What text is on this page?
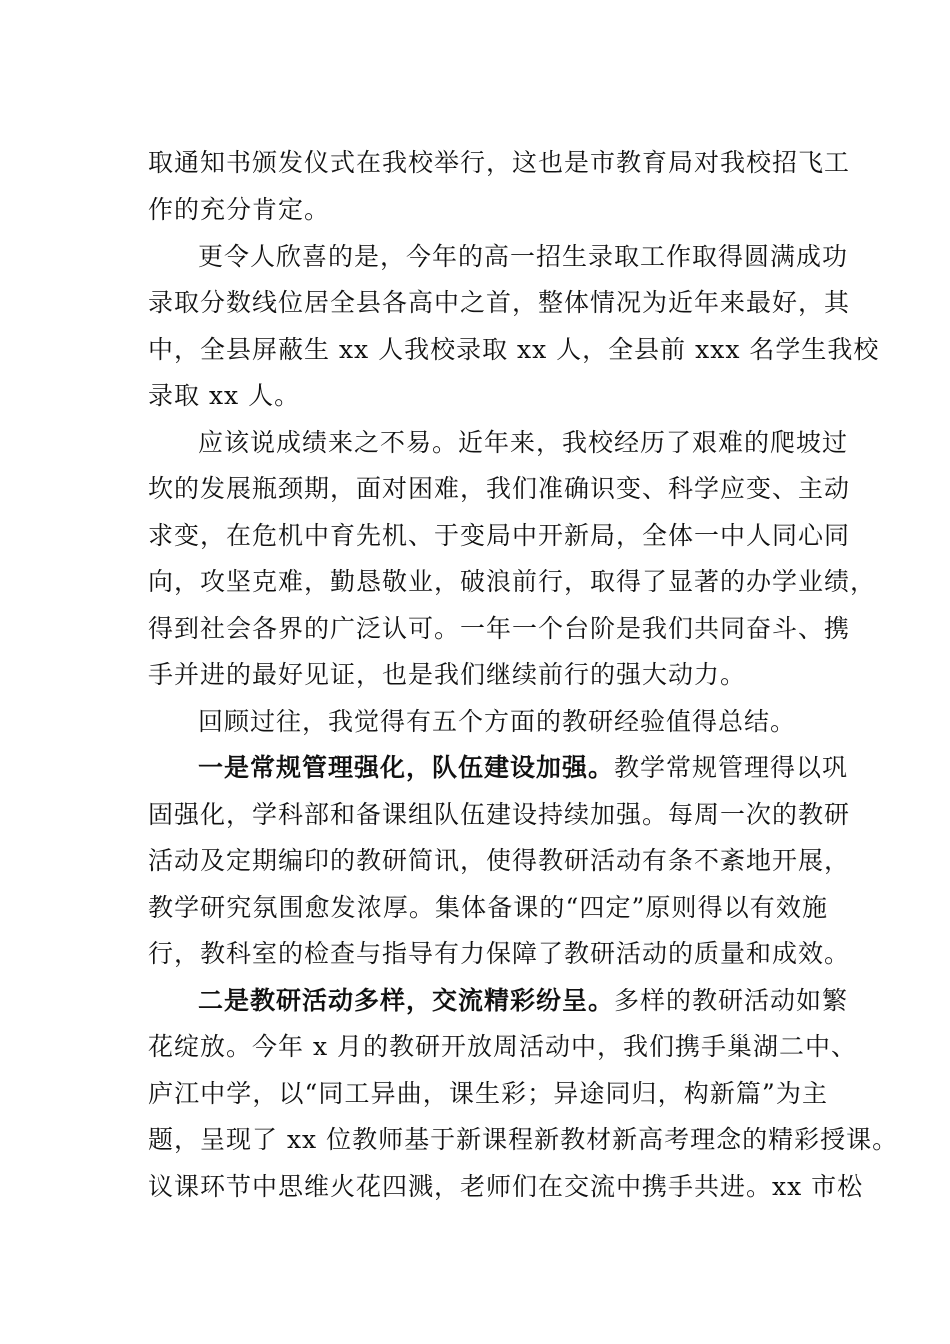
取通知书颁发仪式在我校举行，这也是市教育局对我校招飞工
作的充分肯定。
更令人欣喜的是，今年的高一招生录取工作取得圆满成功
录取分数线位居全县各高中之首，整体情况为近年来最好，其
中，全县屏蔽生 xx 人我校录取 xx 人，全县前 xxx 名学生我校
录取 xx 人。
应该说成绩来之不易。近年来，我校经历了艰难的爬坡过
坎的发展瓶颈期，面对困难，我们准确识变、科学应变、主动
求变，在危机中育先机、于变局中开新局，全体一中人同心同
向，攻坚克难，勤恳敬业，破浪前行，取得了显著的办学业绩，
得到社会各界的广泛认可。一年一个台阶是我们共同奋斗、携
手并进的最好见证，也是我们继续前行的强大动力。
回顾过往，我觉得有五个方面的教研经验值得总结。
一是常规管理强化，队伍建设加强。教学常规管理得以巩
固强化，学科部和备课组队伍建设持续加强。每周一次的教研
活动及定期编印的教研简讯，使得教研活动有条不紊地开展，
教学研究氛围愈发浓厚。集体备课的“四定”原则得以有效施
行，教科室的检查与指导有力保障了教研活动的质量和成效。
二是教研活动多样，交流精彩纷呈。多样的教研活动如繁
花绽放。今年 x 月的教研开放周活动中，我们携手巢湖二中、
庐江中学，以“同工异曲，课生彩；异途同归，构新篇”为主
题，呈现了 xx 位教师基于新课程新教材新高考理念的精彩授课。
议课环节中思维火花四溅，老师们在交流中携手共进。xx 市松
